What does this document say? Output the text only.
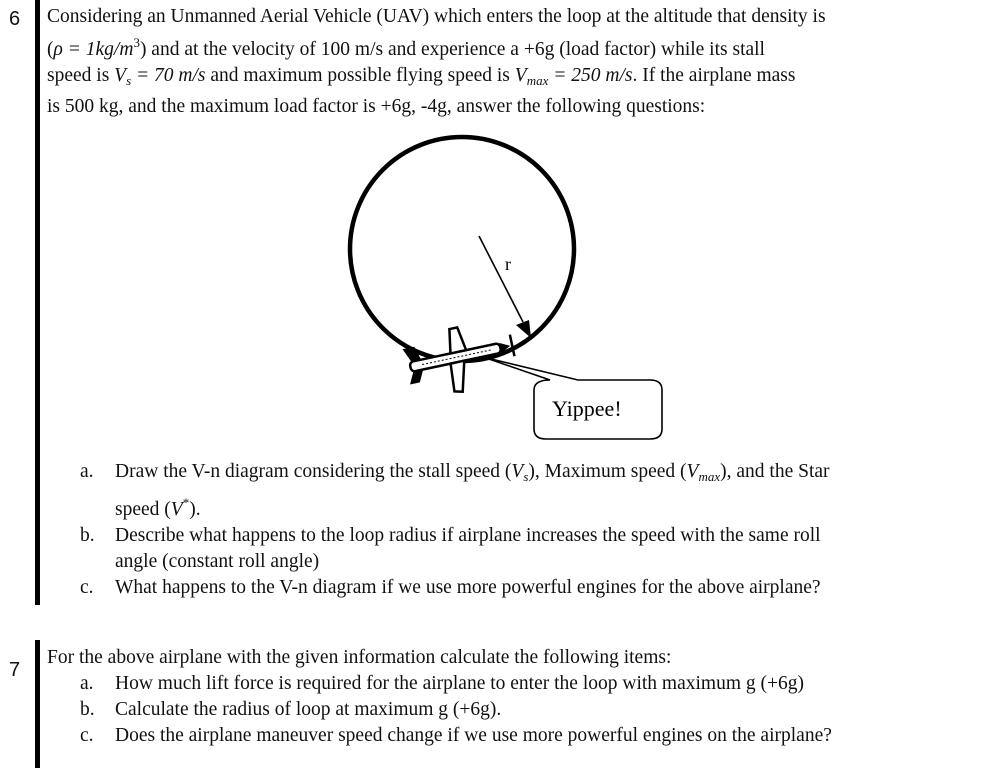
6 Considering an Unmanned Aerial Vehicle (UAV) which enters the loop at the altitude that density is
$(\rho = 1kg/m^3)$ and at the velocity of 100 m/s and experience a +6g (load factor) while its stall
speed is $V_s = 70$ m/s and maximum possible flying speed is $V_{max} = 250$ m/s. If the airplane mass
is 500 kg, and the maximum load factor is +6g, -4g, answer the following questions:
r
Yippee!
a. Draw the V-n diagram considering the stall speed $(V_s)$, Maximum speed $(V_{max})$, and the Star
speed (V*).
b. Describe what happens to the loop radius if airplane increases the speed with the same roll
angle (constant roll angle)
c. What happens to the V-n diagram if we use more powerful engines for the above airplane?
7
For the above airplane with the given information calculate the following items:
a. How much lift force is required for the airplane to enter the loop with maximum g (+6g)
b. Calculate the radius of loop at maximum g (+6g).
c. Does the airplane maneuver speed change if we use more powerful engines on the airplane?
